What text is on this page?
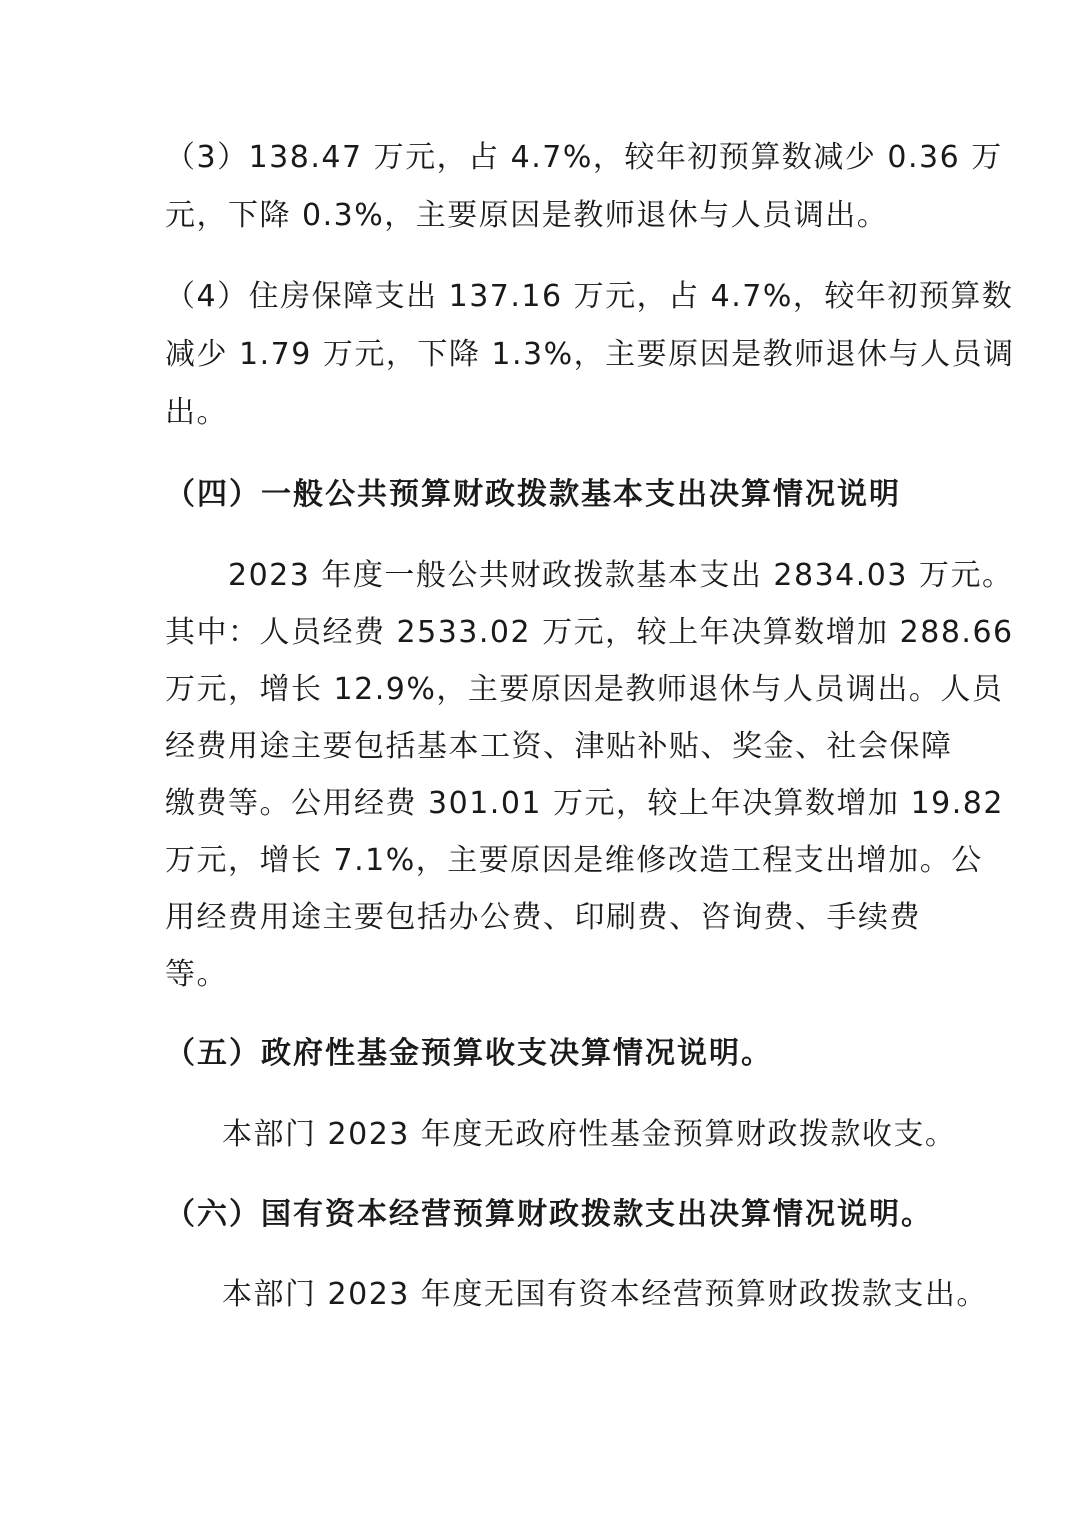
（3）138.47 万元，占 4.7%，较年初预算数减少 0.36 万
元，下降 0.3%，主要原因是教师退休与人员调出。
（4）住房保障支出 137.16 万元，占 4.7%，较年初预算数
减少 1.79 万元，下降 1.3%，主要原因是教师退休与人员调
出。
（四）一般公共预算财政拨款基本支出决算情况说明
2023 年度一般公共财政拨款基本支出 2834.03 万元。
其中：人员经费 2533.02 万元，较上年决算数增加 288.66
万元，增长 12.9%，主要原因是教师退休与人员调出。人员
经费用途主要包括基本工资、津贴补贴、奖金、社会保障
缴费等。公用经费 301.01 万元，较上年决算数增加 19.82
万元，增长 7.1%，主要原因是维修改造工程支出增加。公
用经费用途主要包括办公费、印刷费、咨询费、手续费
等。
（五）政府性基金预算收支决算情况说明。
本部门 2023 年度无政府性基金预算财政拨款收支。
（六）国有资本经营预算财政拨款支出决算情况说明。
本部门 2023 年度无国有资本经营预算财政拨款支出。
